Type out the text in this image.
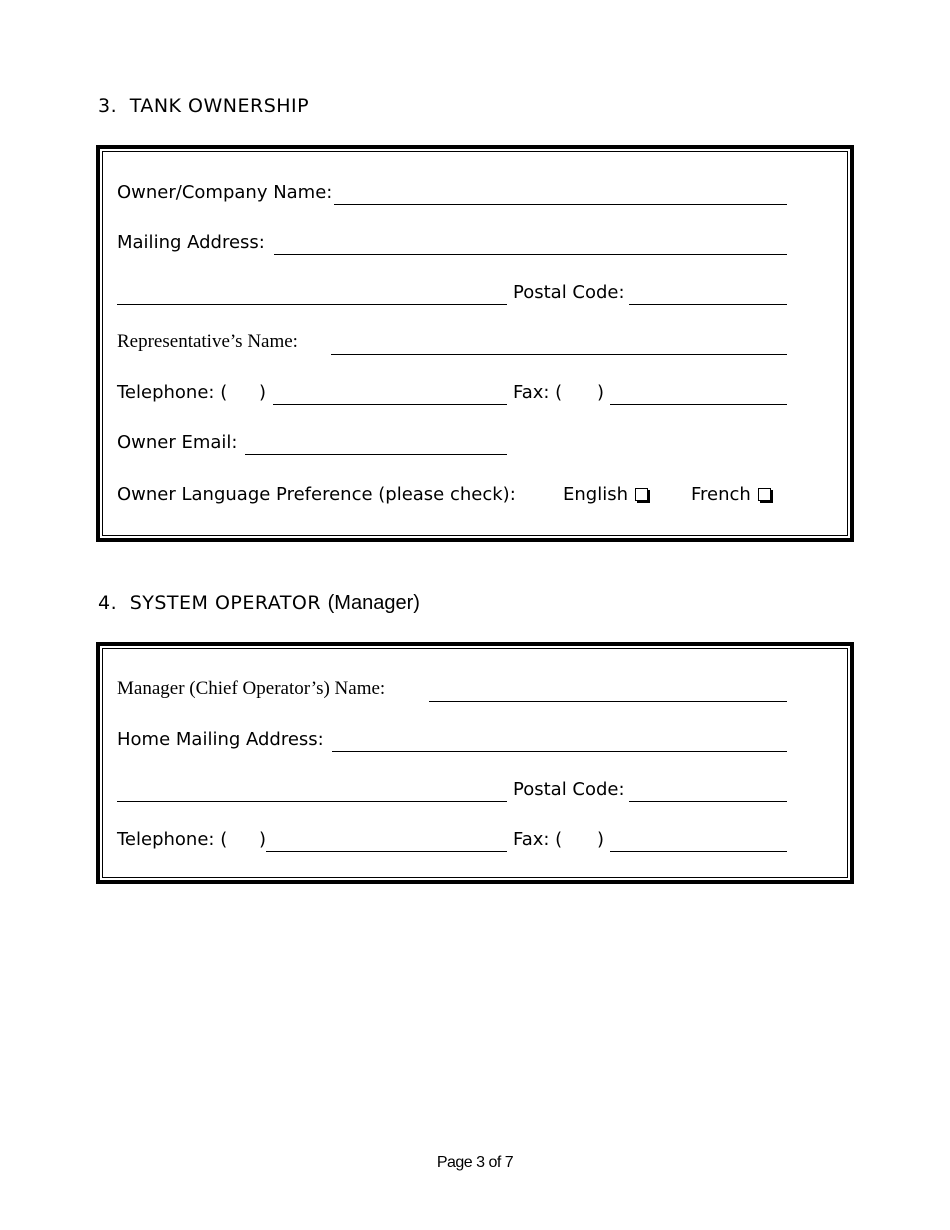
3. TANK OWNERSHIP
Owner/Company Name:
Mailing Address:
Postal Code:
Representative’s Name:
Telephone: ( )	Fax: ( )
Owner Email:
Owner Language Preference (please check):	English	French
4. SYSTEM OPERATOR (Manager)
Manager (Chief Operator’s) Name:
Home Mailing Address:
Postal Code:
Telephone: ( )	Fax: ( )
Page 3 of 7
